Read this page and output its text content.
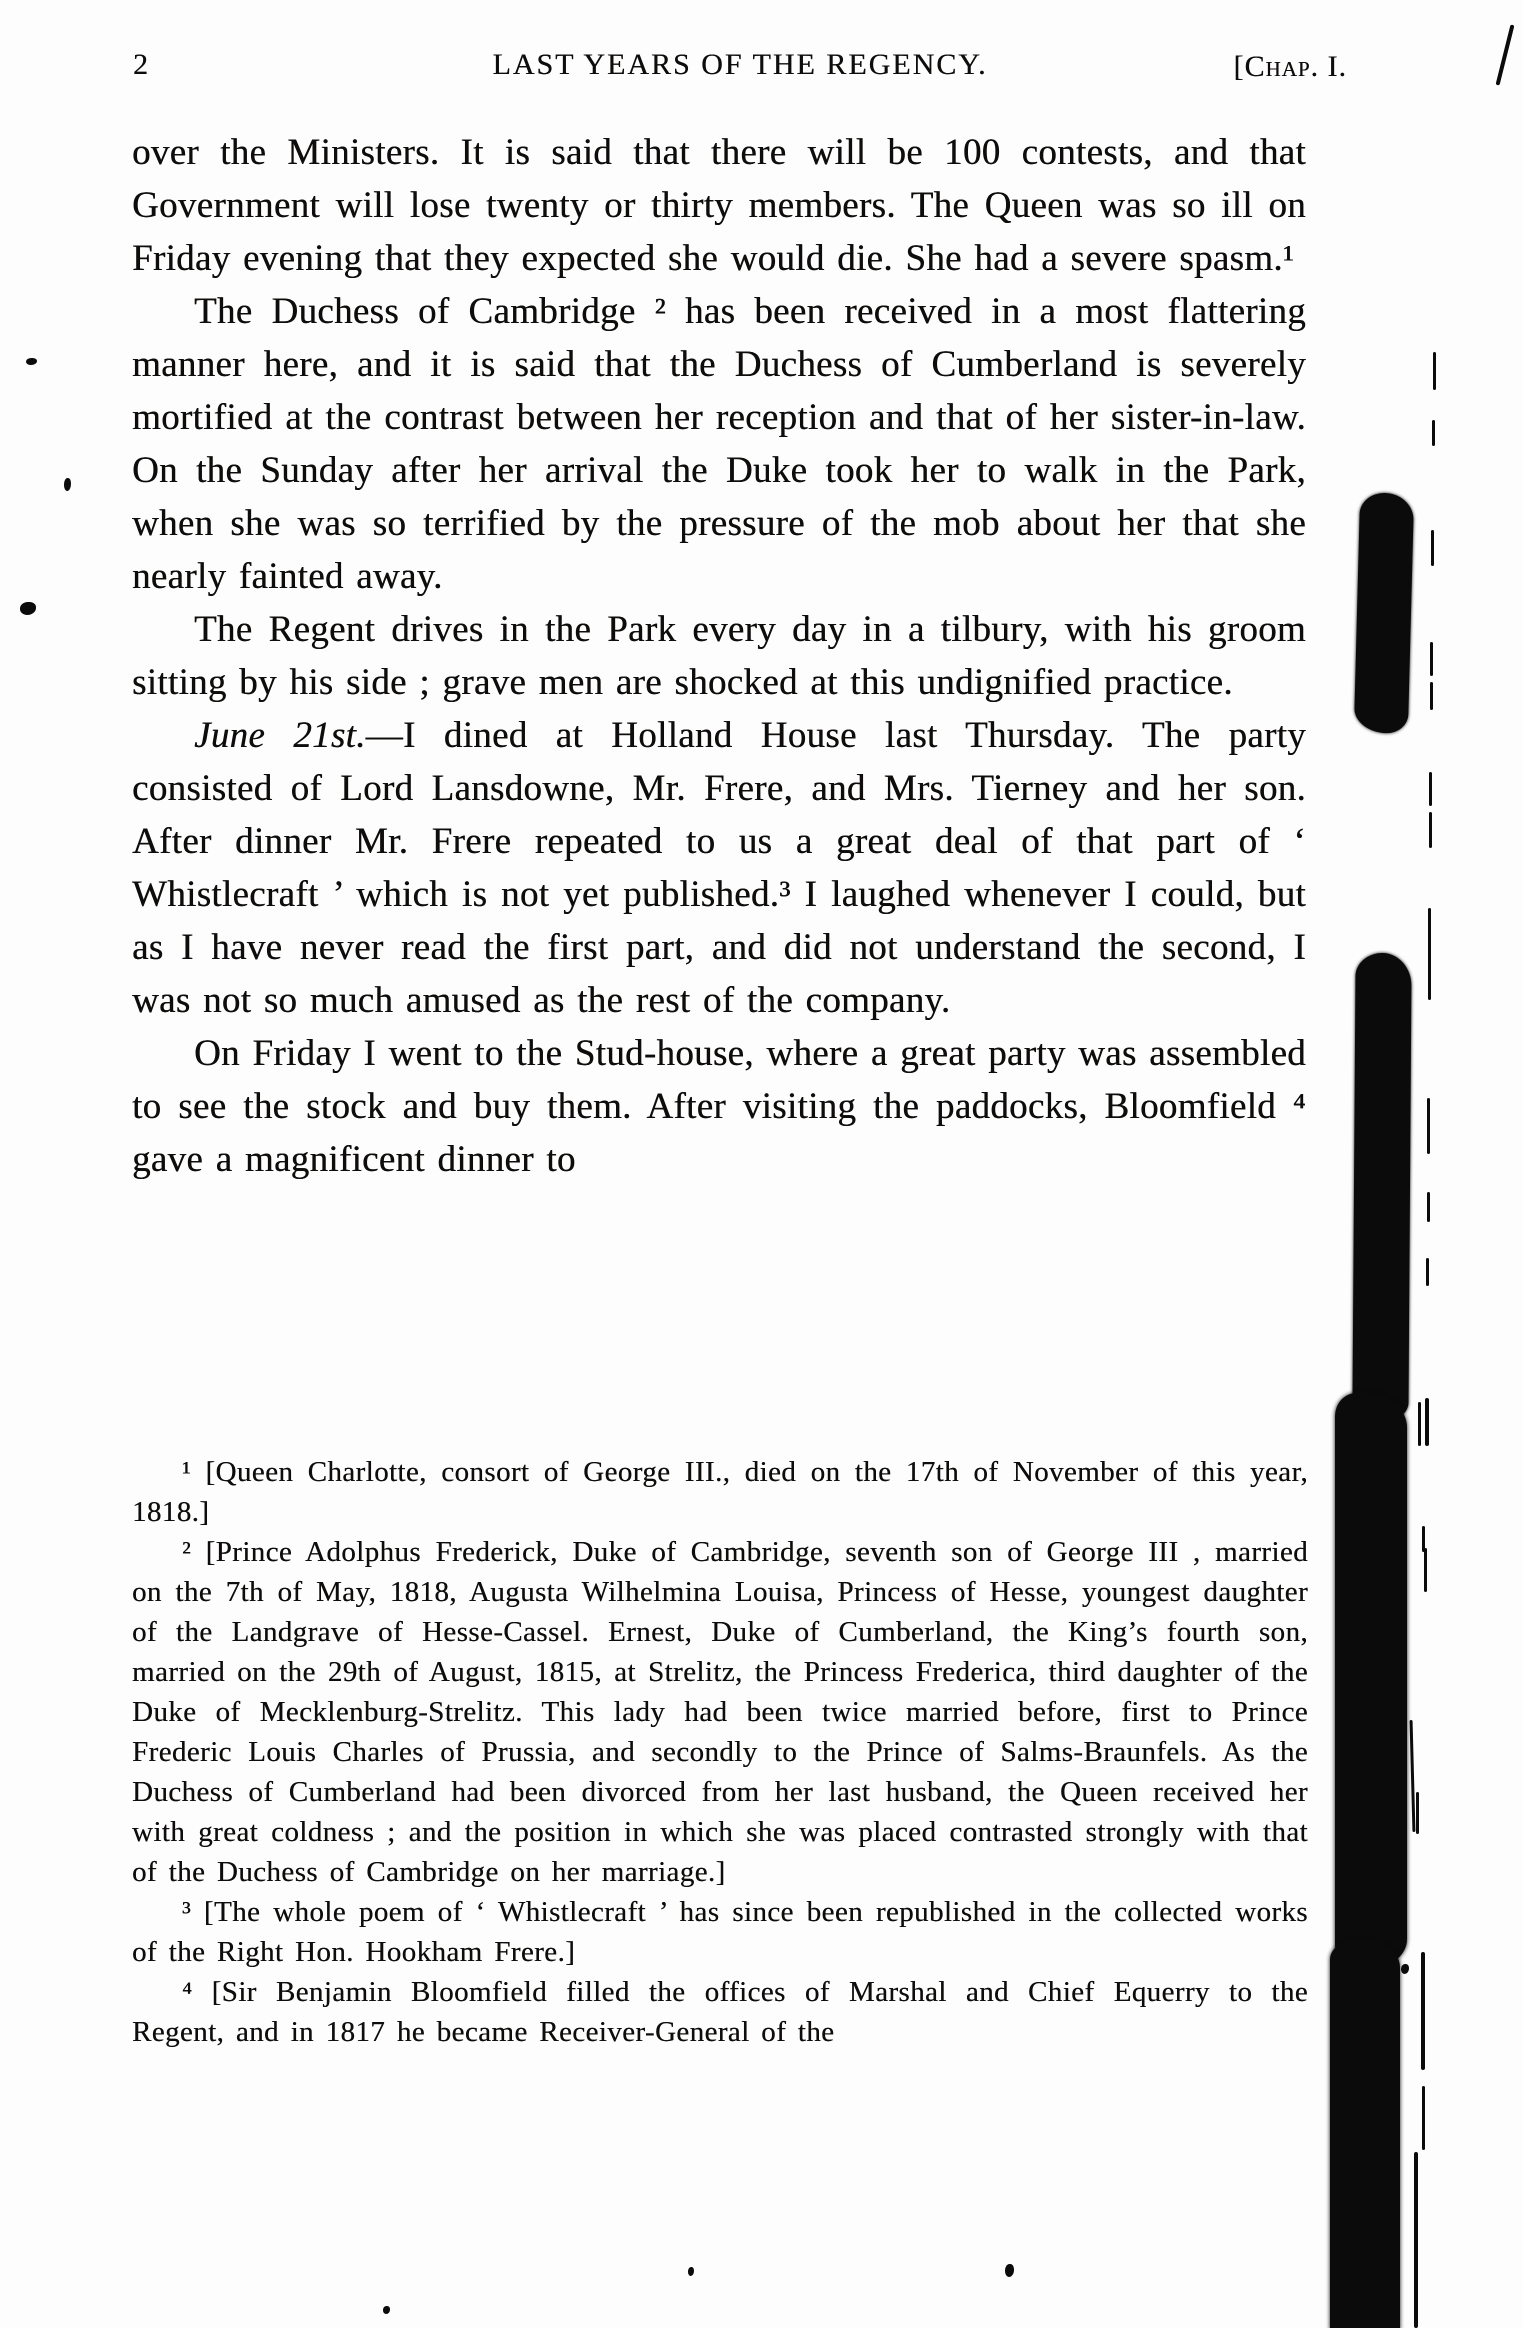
2	LAST YEARS OF THE REGENCY.	[Chap. I.

over the Ministers. It is said that there will be 100 contests, and that Government will lose twenty or thirty members. The Queen was so ill on Friday evening that they expected she would die. She had a severe spasm.¹

The Duchess of Cambridge ² has been received in a most flattering manner here, and it is said that the Duchess of Cumberland is severely mortified at the contrast between her reception and that of her sister-in-law. On the Sunday after her arrival the Duke took her to walk in the Park, when she was so terrified by the pressure of the mob about her that she nearly fainted away.

The Regent drives in the Park every day in a tilbury, with his groom sitting by his side ; grave men are shocked at this undignified practice.

June 21st.—I dined at Holland House last Thursday. The party consisted of Lord Lansdowne, Mr. Frere, and Mrs. Tierney and her son. After dinner Mr. Frere repeated to us a great deal of that part of ‘ Whistlecraft ’ which is not yet published.³ I laughed whenever I could, but as I have never read the first part, and did not understand the second, I was not so much amused as the rest of the company.

On Friday I went to the Stud-house, where a great party was assembled to see the stock and buy them. After visiting the paddocks, Bloomfield ⁴ gave a magnificent dinner to

¹ [Queen Charlotte, consort of George III., died on the 17th of November of this year, 1818.]

² [Prince Adolphus Frederick, Duke of Cambridge, seventh son of George III , married on the 7th of May, 1818, Augusta Wilhelmina Louisa, Princess of Hesse, youngest daughter of the Landgrave of Hesse-Cassel. Ernest, Duke of Cumberland, the King’s fourth son, married on the 29th of August, 1815, at Strelitz, the Princess Frederica, third daughter of the Duke of Mecklenburg-Strelitz. This lady had been twice married before, first to Prince Frederic Louis Charles of Prussia, and secondly to the Prince of Salms-Braunfels. As the Duchess of Cumberland had been divorced from her last husband, the Queen received her with great coldness ; and the position in which she was placed contrasted strongly with that of the Duchess of Cambridge on her marriage.]

³ [The whole poem of ‘ Whistlecraft ’ has since been republished in the collected works of the Right Hon. Hookham Frere.]

⁴ [Sir Benjamin Bloomfield filled the offices of Marshal and Chief Equerry to the Regent, and in 1817 he became Receiver-General of the
